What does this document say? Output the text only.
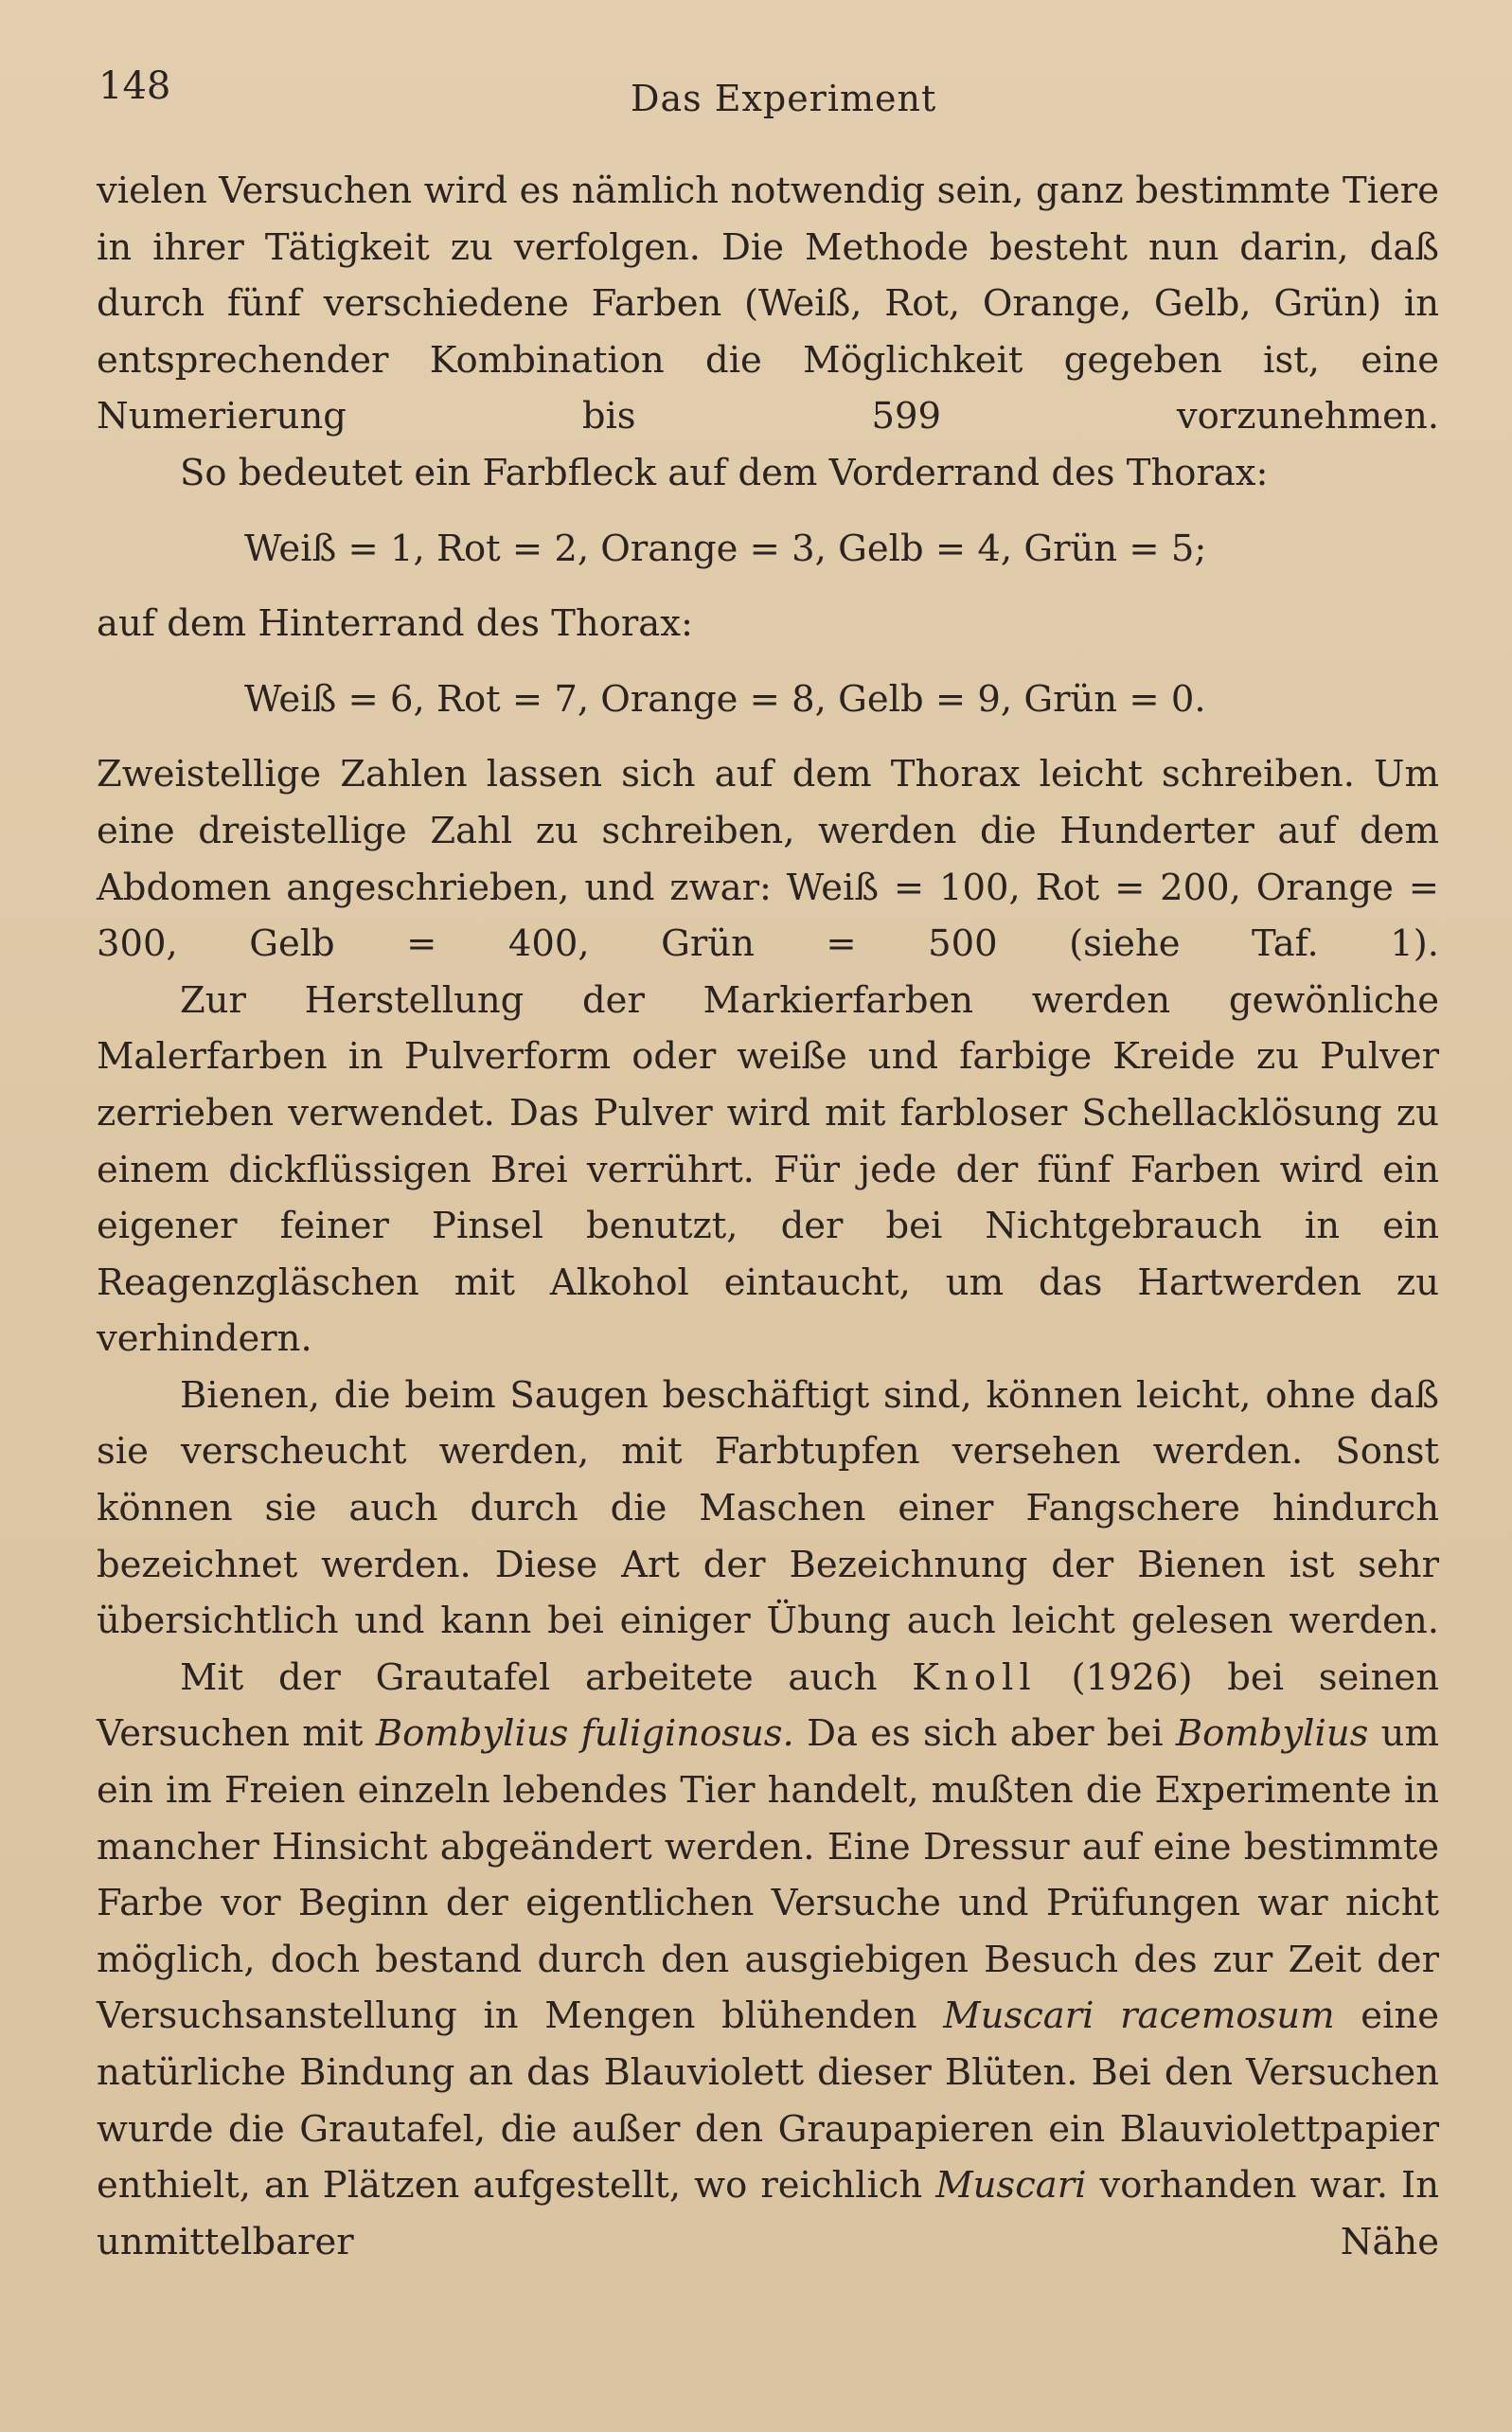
148	Das Experiment

vielen Versuchen wird es nämlich notwendig sein, ganz bestimmte Tiere in ihrer Tätigkeit zu verfolgen. Die Methode besteht nun darin, daß durch fünf verschiedene Farben (Weiß, Rot, Orange, Gelb, Grün) in entsprechender Kombination die Möglichkeit gegeben ist, eine Numerierung bis 599 vorzunehmen.

So bedeutet ein Farbfleck auf dem Vorderrand des Thorax:

Weiß = 1, Rot = 2, Orange = 3, Gelb = 4, Grün = 5;

auf dem Hinterrand des Thorax:

Weiß = 6, Rot = 7, Orange = 8, Gelb = 9, Grün = 0.

Zweistellige Zahlen lassen sich auf dem Thorax leicht schreiben. Um eine dreistellige Zahl zu schreiben, werden die Hunderter auf dem Abdomen angeschrieben, und zwar: Weiß = 100, Rot = 200, Orange = 300, Gelb = 400, Grün = 500 (siehe Taf. 1).

Zur Herstellung der Markierfarben werden gewönliche Malerfarben in Pulverform oder weiße und farbige Kreide zu Pulver zerrieben verwendet. Das Pulver wird mit farbloser Schellacklösung zu einem dickflüssigen Brei verrührt. Für jede der fünf Farben wird ein eigener feiner Pinsel benutzt, der bei Nichtgebrauch in ein Reagenzgläschen mit Alkohol eintaucht, um das Hartwerden zu verhindern.

Bienen, die beim Saugen beschäftigt sind, können leicht, ohne daß sie verscheucht werden, mit Farbtupfen versehen werden. Sonst können sie auch durch die Maschen einer Fangschere hindurch bezeichnet werden. Diese Art der Bezeichnung der Bienen ist sehr übersichtlich und kann bei einiger Übung auch leicht gelesen werden.

Mit der Grautafel arbeitete auch Knoll (1926) bei seinen Versuchen mit Bombylius fuliginosus. Da es sich aber bei Bombylius um ein im Freien einzeln lebendes Tier handelt, mußten die Experimente in mancher Hinsicht abgeändert werden. Eine Dressur auf eine bestimmte Farbe vor Beginn der eigentlichen Versuche und Prüfungen war nicht möglich, doch bestand durch den ausgiebigen Besuch des zur Zeit der Versuchsanstellung in Mengen blühenden Muscari racemosum eine natürliche Bindung an das Blauviolett dieser Blüten. Bei den Versuchen wurde die Grautafel, die außer den Graupapieren ein Blauviolettpapier enthielt, an Plätzen aufgestellt, wo reichlich Muscari vorhanden war. In unmittelbarer Nähe
